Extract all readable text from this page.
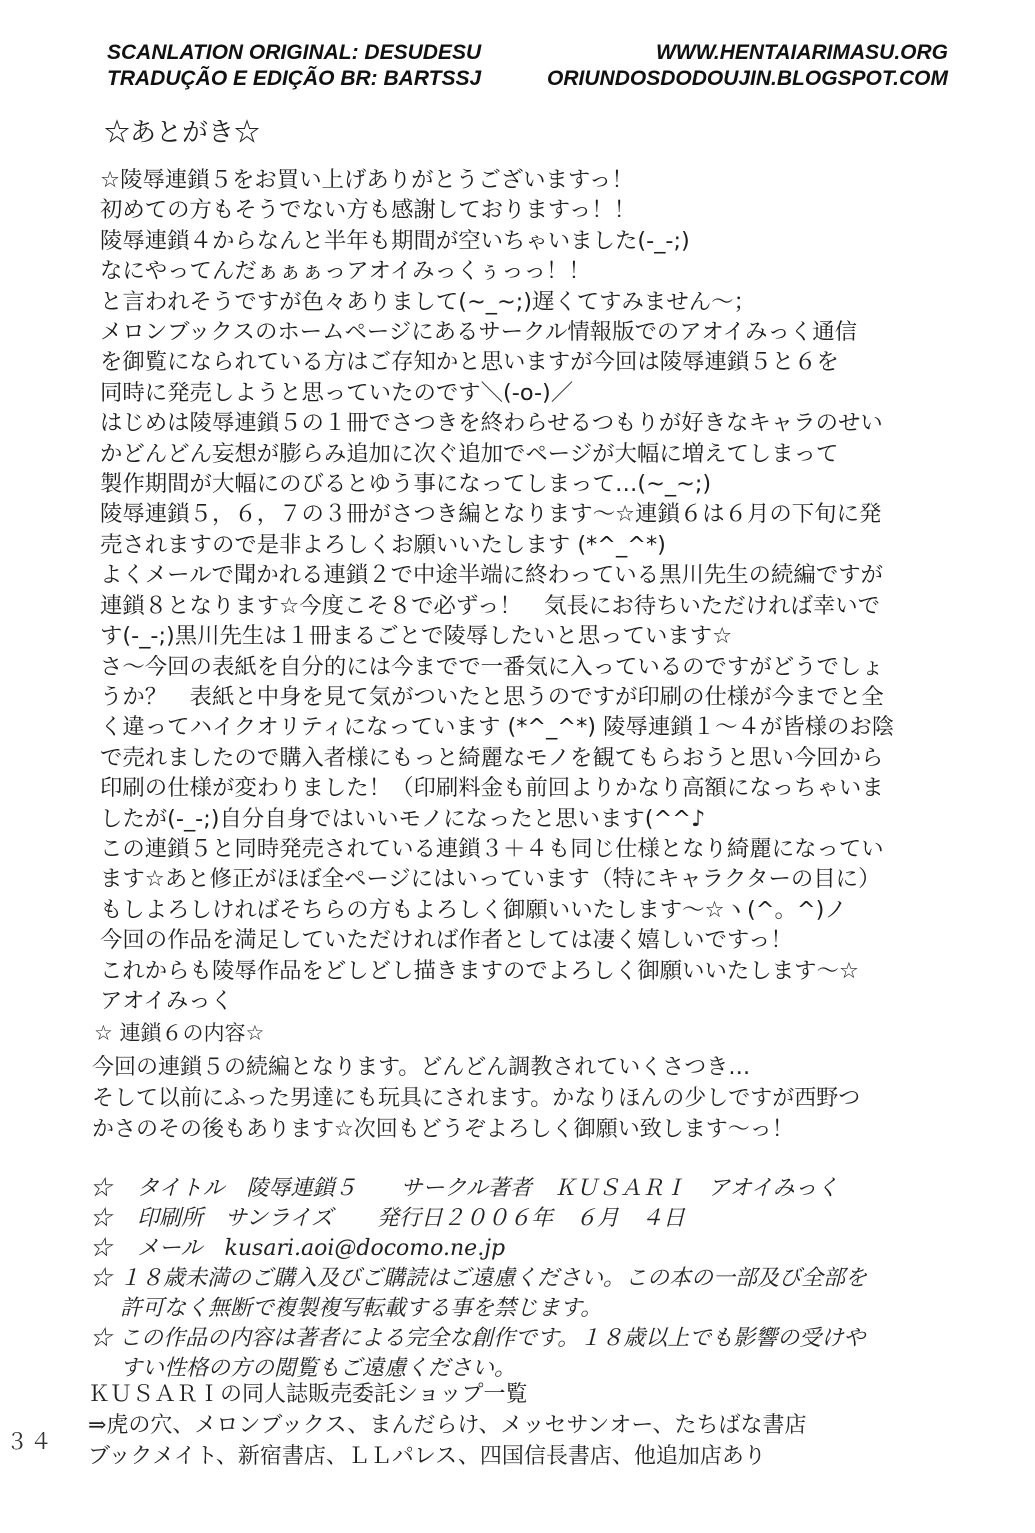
SCANLATION ORIGINAL: DESUDESU
TRADUÇÃO E EDIÇÃO BR: BARTSSJ
WWW.HENTAIARIMASU.ORG
ORIUNDOSDODOUJIN.BLOGSPOT.COM
☆あとがき☆
☆陵辱連鎖５をお買い上げありがとうございますっ！
初めての方もそうでない方も感謝しておりますっ！！
陵辱連鎖４からなんと半年も期間が空いちゃいました(-_-;)
なにやってんだぁぁぁっアオイみっくぅっっ！！
と言われそうですが色々ありまして(~_~;)遅くてすみません～；
メロンブックスのホームページにあるサークル情報版でのアオイみっく通信
を御覧になられている方はご存知かと思いますが今回は陵辱連鎖５と６を
同時に発売しようと思っていたのです＼(-o-)／
はじめは陵辱連鎖５の１冊でさつきを終わらせるつもりが好きなキャラのせい
かどんどん妄想が膨らみ追加に次ぐ追加でページが大幅に増えてしまって
製作期間が大幅にのびるとゆう事になってしまって…(~_~;)
陵辱連鎖５，６，７の３冊がさつき編となります～☆連鎖６は６月の下旬に発
売されますので是非よろしくお願いいたします (*^_^*)
よくメールで聞かれる連鎖２で中途半端に終わっている黒川先生の続編ですが
連鎖８となります☆今度こそ８で必ずっ！　気長にお待ちいただければ幸いで
す(-_-;)黒川先生は１冊まるごとで陵辱したいと思っています☆
さ～今回の表紙を自分的には今までで一番気に入っているのですがどうでしょ
うか？　表紙と中身を見て気がついたと思うのですが印刷の仕様が今までと全
く違ってハイクオリティになっています (*^_^*) 陵辱連鎖１～４が皆様のお陰
で売れましたので購入者様にもっと綺麗なモノを観てもらおうと思い今回から
印刷の仕様が変わりました！（印刷料金も前回よりかなり高額になっちゃいま
したが(-_-;)自分自身ではいいモノになったと思います(^^♪
この連鎖５と同時発売されている連鎖３＋４も同じ仕様となり綺麗になってい
ます☆あと修正がほぼ全ページにはいっています（特にキャラクターの目に）
もしよろしければそちらの方もよろしく御願いいたします～☆ヽ(^。^)ノ
今回の作品を満足していただければ作者としては凄く嬉しいですっ！
これからも陵辱作品をどしどし描きますのでよろしく御願いいたします～☆
アオイみっく
☆ 連鎖６の内容☆
今回の連鎖５の続編となります。どんどん調教されていくさつき…
そして以前にふった男達にも玩具にされます。かなりほんの少しですが西野つ
かさのその後もあります☆次回もどうぞよろしく御願い致します～っ！
☆ タイトル　陵辱連鎖５　　サークル著者　ＫＵＳＡＲＩ　アオイみっく
☆ 印刷所　サンライズ　　発行日２００６年　６月　４日
☆ メール　kusari.aoi@docomo.ne.jp
☆ １８歳未満のご購入及びご購読はご遠慮ください。この本の一部及び全部を
許可なく無断で複製複写転載する事を禁じます。
☆ この作品の内容は著者による完全な創作です。１８歳以上でも影響の受けや
すい性格の方の閲覧もご遠慮ください。
ＫＵＳＡＲＩの同人誌販売委託ショップ一覧
⇒虎の穴、メロンブックス、まんだらけ、メッセサンオー、たちばな書店
ブックメイト、新宿書店、ＬＬパレス、四国信長書店、他追加店あり
３４
